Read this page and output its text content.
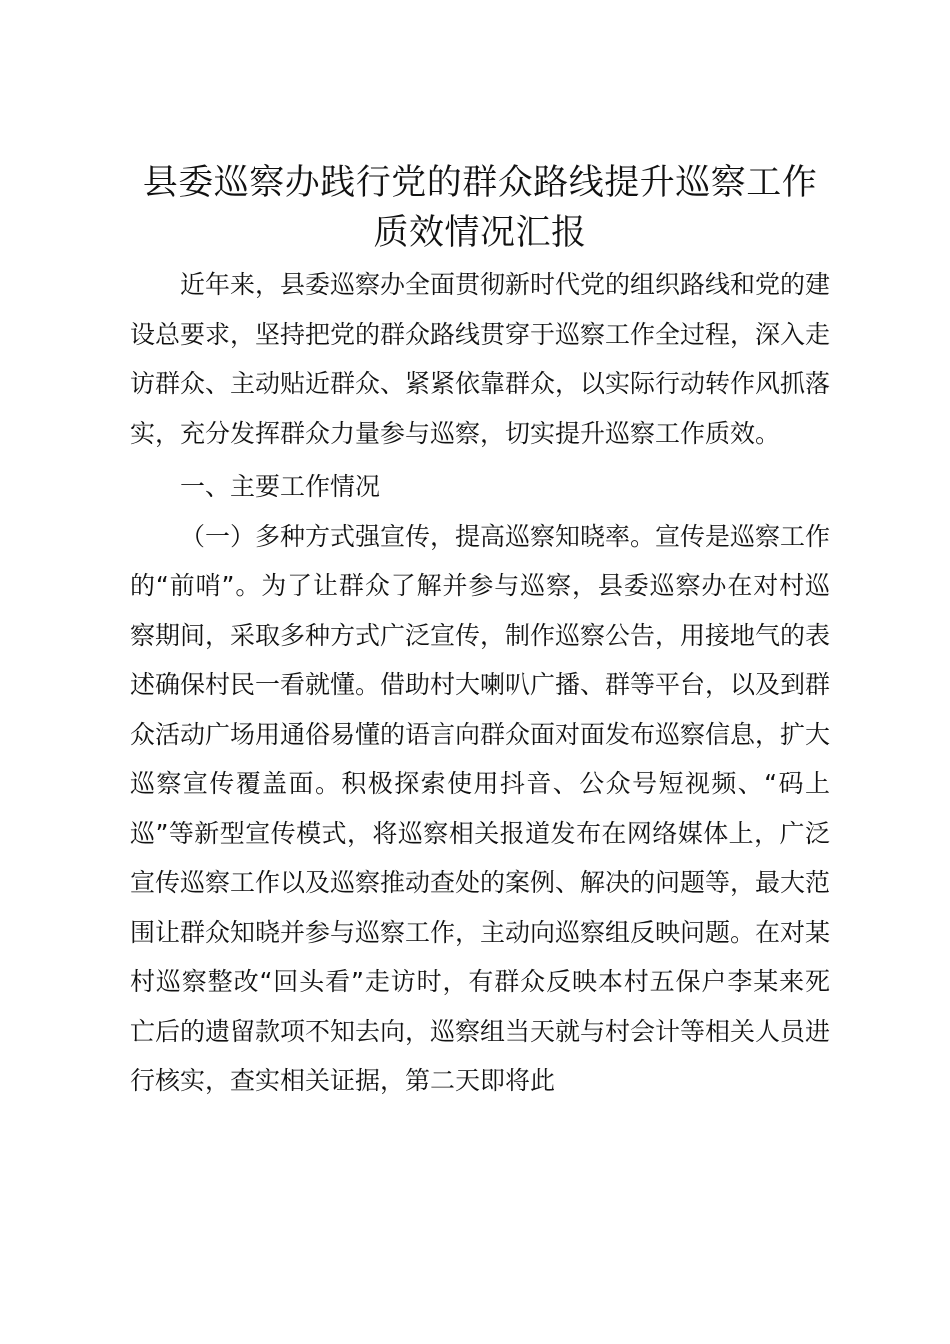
县委巡察办践行党的群众路线提升巡察工作质效情况汇报

近年来，县委巡察办全面贯彻新时代党的组织路线和党的建设总要求，坚持把党的群众路线贯穿于巡察工作全过程，深入走访群众、主动贴近群众、紧紧依靠群众，以实际行动转作风抓落实，充分发挥群众力量参与巡察，切实提升巡察工作质效。

一、主要工作情况

（一）多种方式强宣传，提高巡察知晓率。宣传是巡察工作的“前哨”。为了让群众了解并参与巡察，县委巡察办在对村巡察期间，采取多种方式广泛宣传，制作巡察公告，用接地气的表述确保村民一看就懂。借助村大喇叭广播、群等平台，以及到群众活动广场用通俗易懂的语言向群众面对面发布巡察信息，扩大巡察宣传覆盖面。积极探索使用抖音、公众号短视频、“码上巡”等新型宣传模式，将巡察相关报道发布在网络媒体上，广泛宣传巡察工作以及巡察推动查处的案例、解决的问题等，最大范围让群众知晓并参与巡察工作，主动向巡察组反映问题。在对某村巡察整改“回头看”走访时，有群众反映本村五保户李某来死亡后的遗留款项不知去向，巡察组当天就与村会计等相关人员进行核实，查实相关证据，第二天即将此
